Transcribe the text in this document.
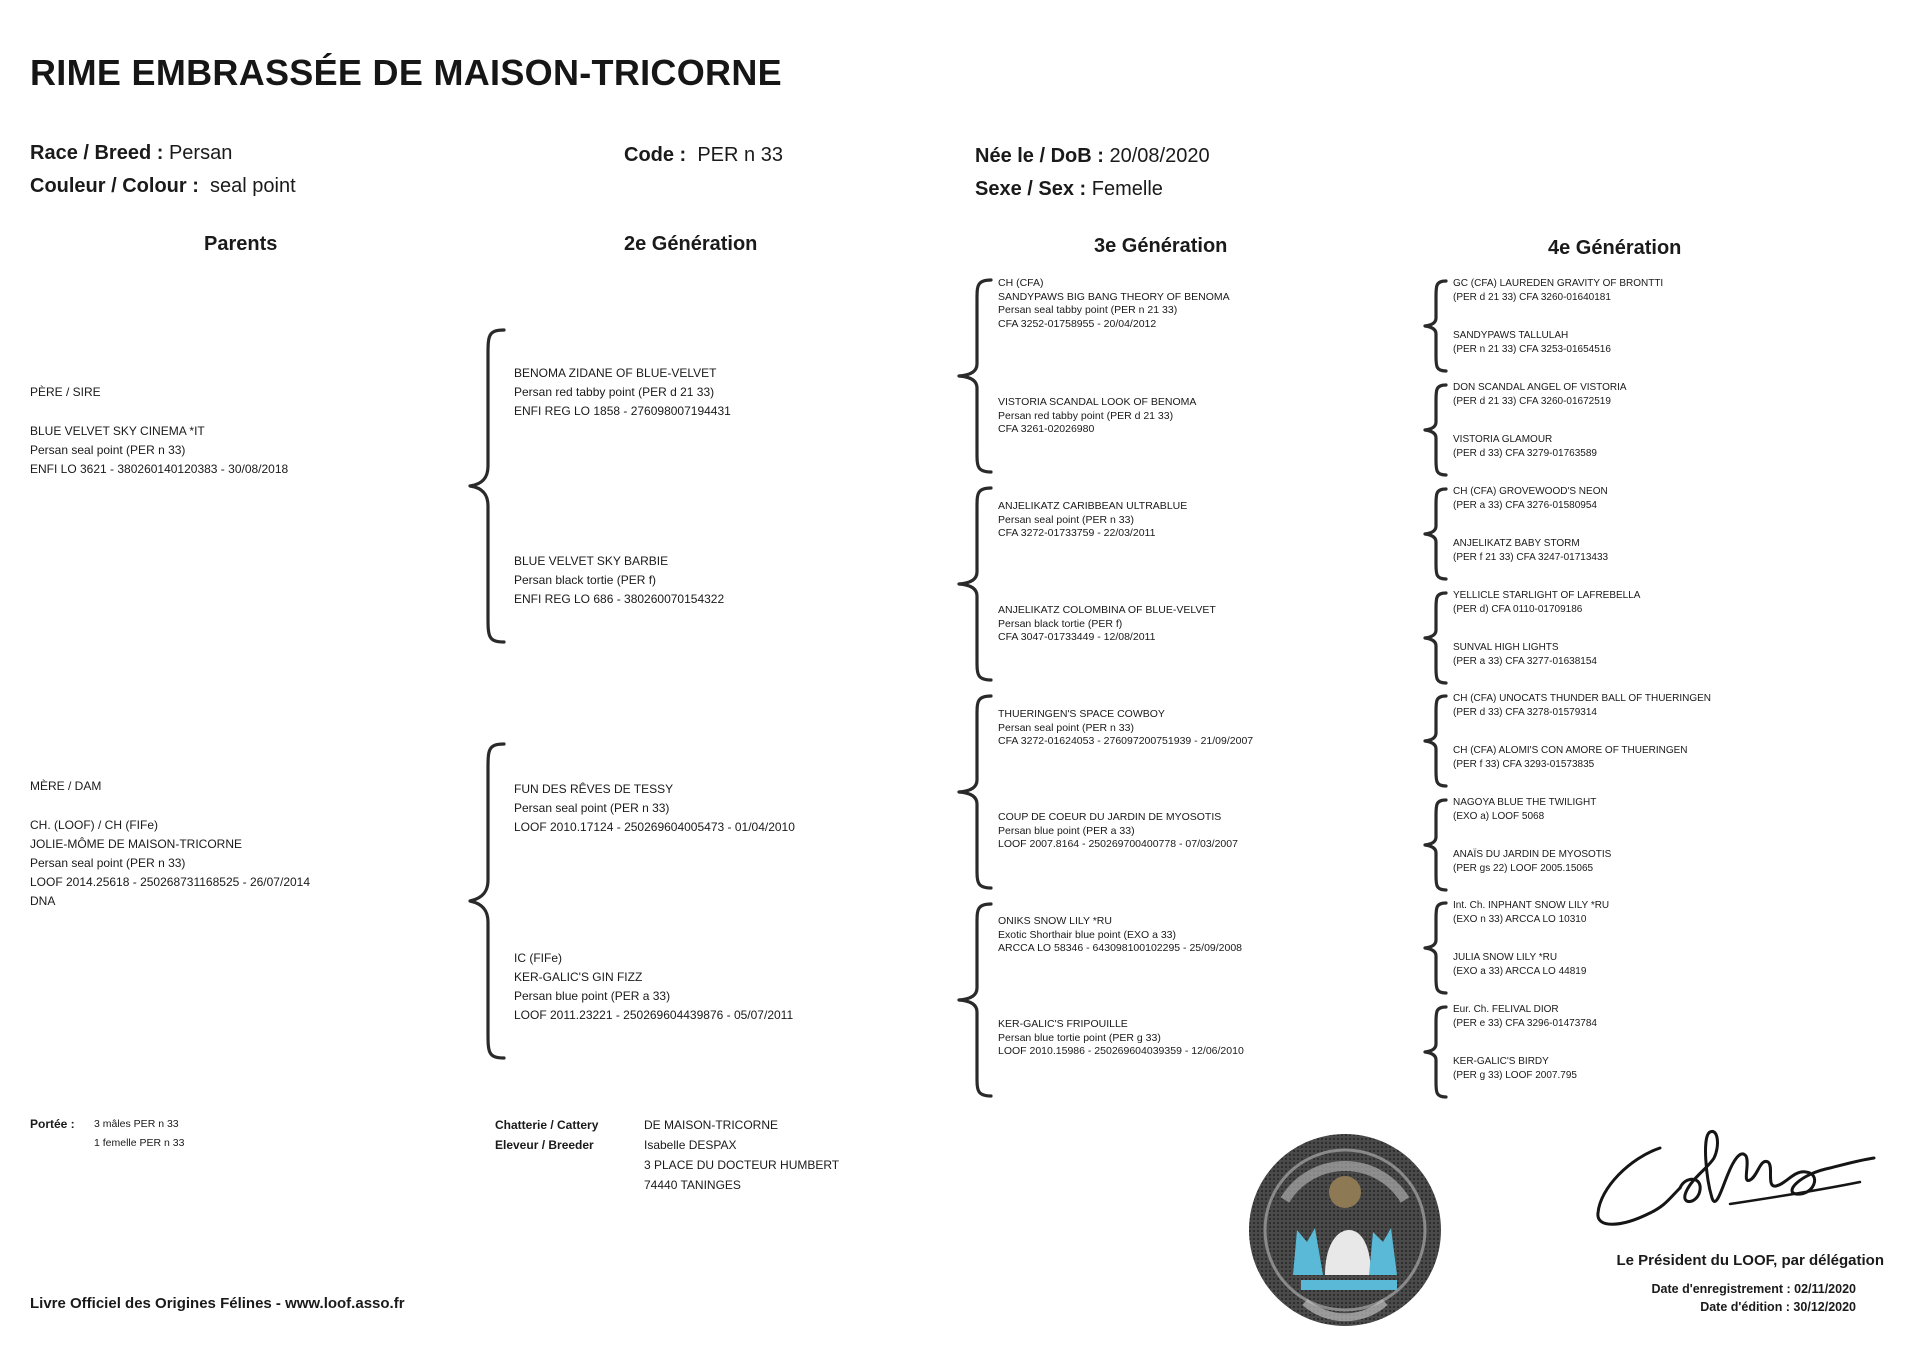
RIME EMBRASSÉE DE MAISON-TRICORNE
Race / Breed : Persan
Couleur / Colour : seal point
Code : PER n 33	Née le / DoB : 20/08/2020
Sexe / Sex : Femelle
Parents	2e Génération	3e Génération	4e Génération
PÈRE / SIRE
BLUE VELVET SKY CINEMA *IT
Persan seal point (PER n 33)
ENFI LO 3621 - 380260140120383 - 30/08/2018
MÈRE / DAM
CH. (LOOF) / CH (FIFe)
JOLIE-MÔME DE MAISON-TRICORNE
Persan seal point (PER n 33)
LOOF 2014.25618 - 250268731168525 - 26/07/2014
DNA
BENOMA ZIDANE OF BLUE-VELVET
Persan red tabby point (PER d 21 33)
ENFI REG LO 1858 - 276098007194431
BLUE VELVET SKY BARBIE
Persan black tortie (PER f)
ENFI REG LO 686 - 380260070154322
FUN DES RÊVES DE TESSY
Persan seal point (PER n 33)
LOOF 2010.17124 - 250269604005473 - 01/04/2010
IC (FIFe)
KER-GALIC'S GIN FIZZ
Persan blue point (PER a 33)
LOOF 2011.23221 - 250269604439876 - 05/07/2011
CH (CFA)
SANDYPAWS BIG BANG THEORY OF BENOMA
Persan seal tabby point (PER n 21 33)
CFA 3252-01758955 - 20/04/2012
VISTORIA SCANDAL LOOK OF BENOMA
Persan red tabby point (PER d 21 33)
CFA 3261-02026980
ANJELIKATZ CARIBBEAN ULTRABLUE
Persan seal point (PER n 33)
CFA 3272-01733759 - 22/03/2011
ANJELIKATZ COLOMBINA OF BLUE-VELVET
Persan black tortie (PER f)
CFA 3047-01733449 - 12/08/2011
THUERINGEN'S SPACE COWBOY
Persan seal point (PER n 33)
CFA 3272-01624053 - 276097200751939 - 21/09/2007
COUP DE COEUR DU JARDIN DE MYOSOTIS
Persan blue point (PER a 33)
LOOF 2007.8164 - 250269700400778 - 07/03/2007
ONIKS SNOW LILY *RU
Exotic Shorthair blue point (EXO a 33)
ARCCA LO 58346 - 643098100102295 - 25/09/2008
KER-GALIC'S FRIPOUILLE
Persan blue tortie point (PER g 33)
LOOF 2010.15986 - 250269604039359 - 12/06/2010
GC (CFA) LAUREDEN GRAVITY OF BRONTTI
(PER d 21 33) CFA 3260-01640181
SANDYPAWS TALLULAH
(PER n 21 33) CFA 3253-01654516
DON SCANDAL ANGEL OF VISTORIA
(PER d 21 33) CFA 3260-01672519
VISTORIA GLAMOUR
(PER d 33) CFA 3279-01763589
CH (CFA) GROVEWOOD'S NEON
(PER a 33) CFA 3276-01580954
ANJELIKATZ BABY STORM
(PER f 21 33) CFA 3247-01713433
YELLICLE STARLIGHT OF LAFREBELLA
(PER d) CFA 0110-01709186
SUNVAL HIGH LIGHTS
(PER a 33) CFA 3277-01638154
CH (CFA) UNOCATS THUNDER BALL OF THUERINGEN
(PER d 33) CFA 3278-01579314
CH (CFA) ALOMI'S CON AMORE OF THUERINGEN
(PER f 33) CFA 3293-01573835
NAGOYA BLUE THE TWILIGHT
(EXO a) LOOF 5068
ANAÏS DU JARDIN DE MYOSOTIS
(PER gs 22) LOOF 2005.15065
Int. Ch. INPHANT SNOW LILY *RU
(EXO n 33) ARCCA LO 10310
JULIA SNOW LILY *RU
(EXO a 33) ARCCA LO 44819
Eur. Ch. FELIVAL DIOR
(PER e 33) CFA 3296-01473784
KER-GALIC'S BIRDY
(PER g 33) LOOF 2007.795
Portée : 3 mâles PER n 33
1 femelle PER n 33
Chatterie / Cattery
Eleveur / Breeder
DE MAISON-TRICORNE
Isabelle DESPAX
3 PLACE DU DOCTEUR HUMBERT
74440 TANINGES
Le Président du LOOF, par délégation
Date d'enregistrement : 02/11/2020
Date d'édition : 30/12/2020
Livre Officiel des Origines Félines - www.loof.asso.fr
